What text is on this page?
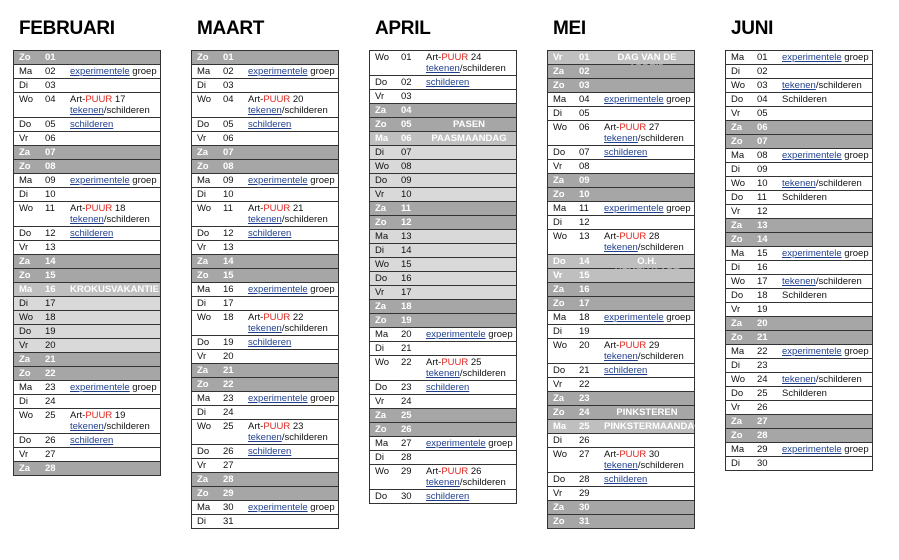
FEBRUARI
Zo 01
Ma 02 experimentele groep
Di 03
Wo 04 Art-PUUR 17
tekenen/schilderen
Do 05 schilderen
Vr 06
Za 07
Zo 08
Ma 09 experimentele groep
Di 10
Wo 11 Art-PUUR 18
tekenen/schilderen
Do 12 schilderen
Vr 13
Za 14
Zo 15
Ma 16 KROKUSVAKANTIE
Di 17
Wo 18
Do 19
Vr 20
Za 21
Zo 22
Ma 23 experimentele groep
Di 24
Wo 25 Art-PUUR 19
tekenen/schilderen
Do 26 schilderen
Vr 27
Za 28
MAART
Zo 01
Ma 02 experimentele groep
Di 03
Wo 04 Art-PUUR 20
tekenen/schilderen
Do 05 schilderen
Vr 06
Za 07
Zo 08
Ma 09 experimentele groep
Di 10
Wo 11 Art-PUUR 21
tekenen/schilderen
Do 12 schilderen
Vr 13
Za 14
Zo 15
Ma 16 experimentele groep
Di 17
Wo 18 Art-PUUR 22
tekenen/schilderen
Do 19 schilderen
Vr 20
Za 21
Zo 22
Ma 23 experimentele groep
Di 24
Wo 25 Art-PUUR 23
tekenen/schilderen
Do 26 schilderen
Vr 27
Za 28
Zo 29
Ma 30 experimentele groep
Di 31
APRIL
Wo 01 Art-PUUR 24
tekenen/schilderen
Do 02 schilderen
Vr 03
Za 04
Zo 05	PASEN
Ma 06	PAASMAANDAG
Di 07
Wo 08
Do 09
Vr 10
Za 11
Zo 12
Ma 13
Di 14
Wo 15
Do 16
Vr 17
Za 18
Zo 19
Ma 20 experimentele groep
Di 21
Wo 22 Art-PUUR 25
tekenen/schilderen
Do 23 schilderen
Vr 24
Za 25
Zo 26
Ma 27 experimentele groep
Di 28
Wo 29 Art-PUUR 26
tekenen/schilderen
Do 30 schilderen
MEI
Vr 01	DAG VAN DE
Za 02
Zo 03
Ma 04 experimentele groep
Di 05
Wo 06 Art-PUUR 27
tekenen/schilderen
Do 07 schilderen
Vr 08
Za 09
Zo 10
Ma 11 experimentele groep
Di 12
Wo 13 Art-PUUR 28
tekenen/schilderen
Do 14	O.H.
Vr 15
Za 16
Zo 17
Ma 18 experimentele groep
Di 19
Wo 20 Art-PUUR 29
tekenen/schilderen
Do 21 schilderen
Vr 22
Za 23
Zo 24	PINKSTEREN
Ma 25 PINKSTERMAANDAG
Di 26
Wo 27 Art-PUUR 30
tekenen/schilderen
Do 28 schilderen
Vr 29
Za 30
Zo 31
JUNI
Ma 01 experimentele groep
Di 02
Wo 03 tekenen/schilderen
Do 04 Schilderen
Vr 05
Za 06
Zo 07
Ma 08 experimentele groep
Di 09
Wo 10 tekenen/schilderen
Do 11 Schilderen
Vr 12
Za 13
Zo 14
Ma 15 experimentele groep
Di 16
Wo 17 tekenen/schilderen
Do 18 Schilderen
Vr 19
Za 20
Zo 21
Ma 22 experimentele groep
Di 23
Wo 24 tekenen/schilderen
Do 25 Schilderen
Vr 26
Za 27
Zo 28
Ma 29 experimentele groep
Di 30
